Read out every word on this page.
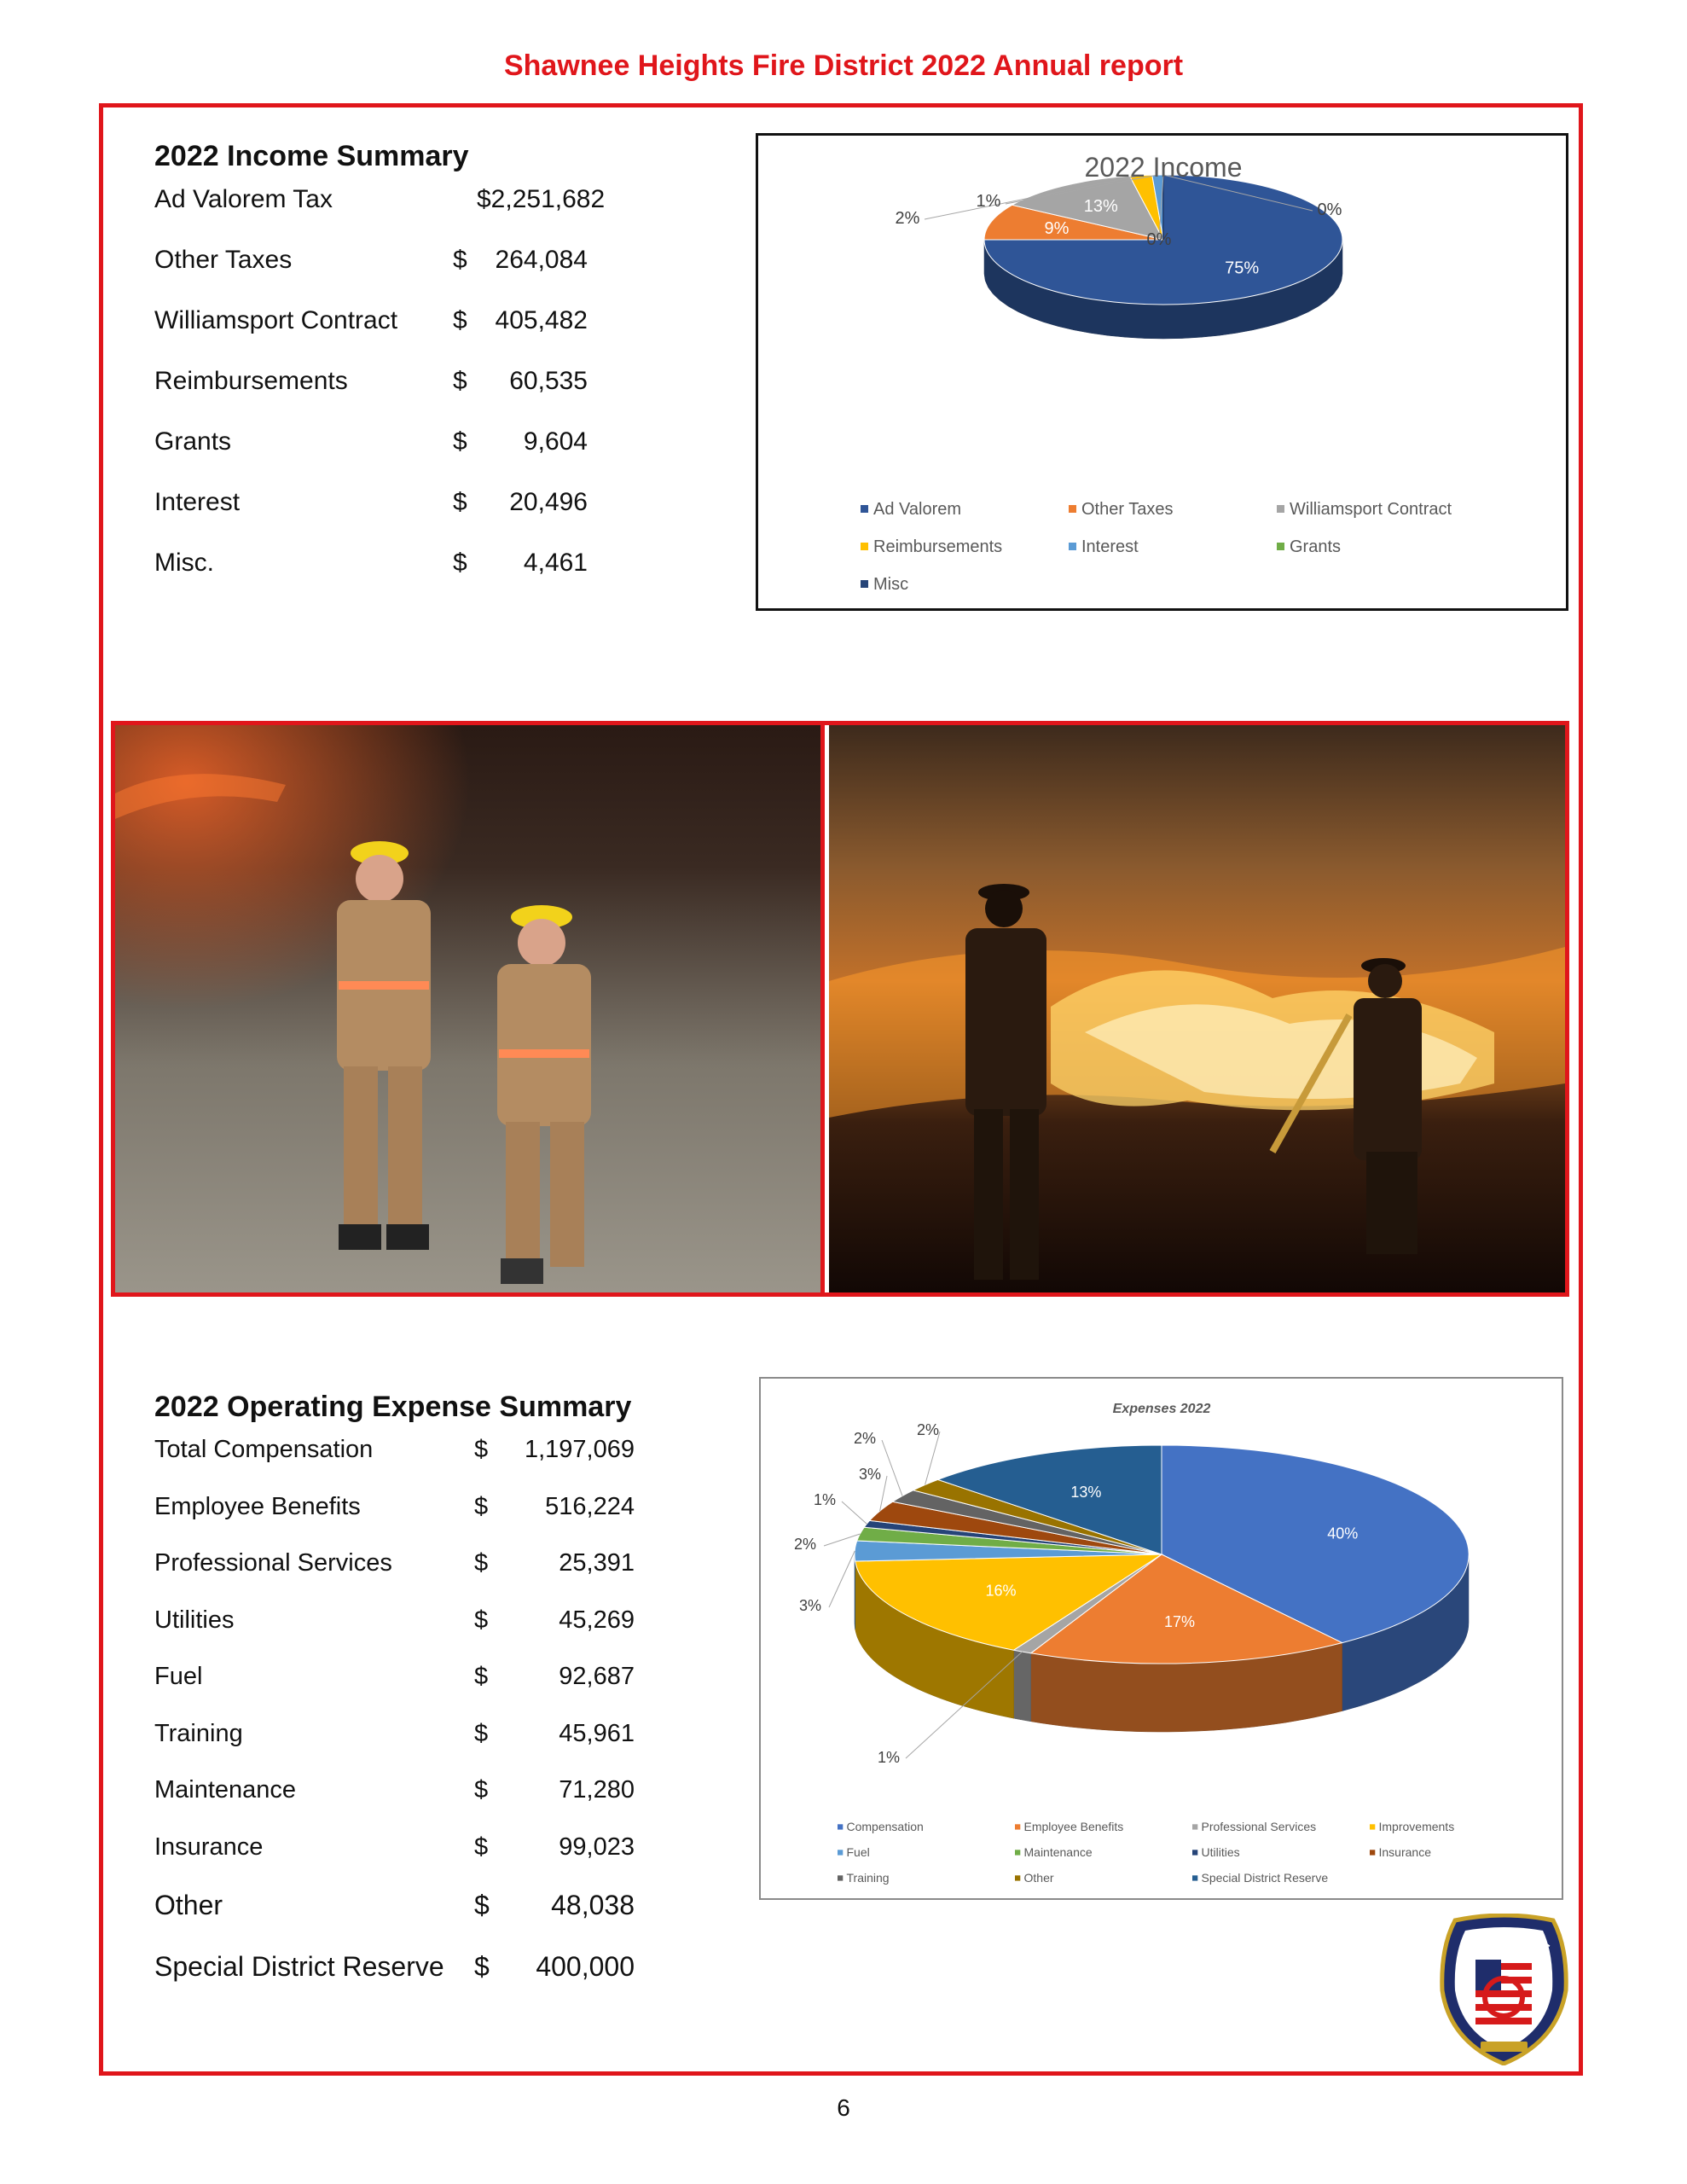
Shawnee Heights Fire District 2022 Annual report
2022 Income Summary
Ad Valorem Tax	$2,251,682
Other Taxes	$	264,084
Williamsport Contract	$	405,482
Reimbursements	$	60,535
Grants	$	9,604
Interest	$	20,496
Misc.	$	4,461
75%
9%
13%
2%
1%
0%
0%
2022 Income
Ad Valorem	Other Taxes	Williamsport Contract
Reimbursements	Interest	Grants
Misc
2022 Operating Expense Summary
Total Compensation	$	1,197,069
Employee Benefits	$	516,224
Professional Services	$	25,391
Utilities	$	45,269
Fuel	$	92,687
Training	$	45,961
Maintenance	$	71,280
Insurance	$	99,023
Other	$	48,038
Special District Reserve	$	400,000
40%
17%
1%
16%
3%
2%
1%
3%
2%	2%
13%
Expenses 2022
Compensation	Employee Benefits	Professional Services	Improvements
Fuel	Maintenance	Utilities	Insurance
Training	Other	Special District Reserve
HEIGHTS FIRE
6
